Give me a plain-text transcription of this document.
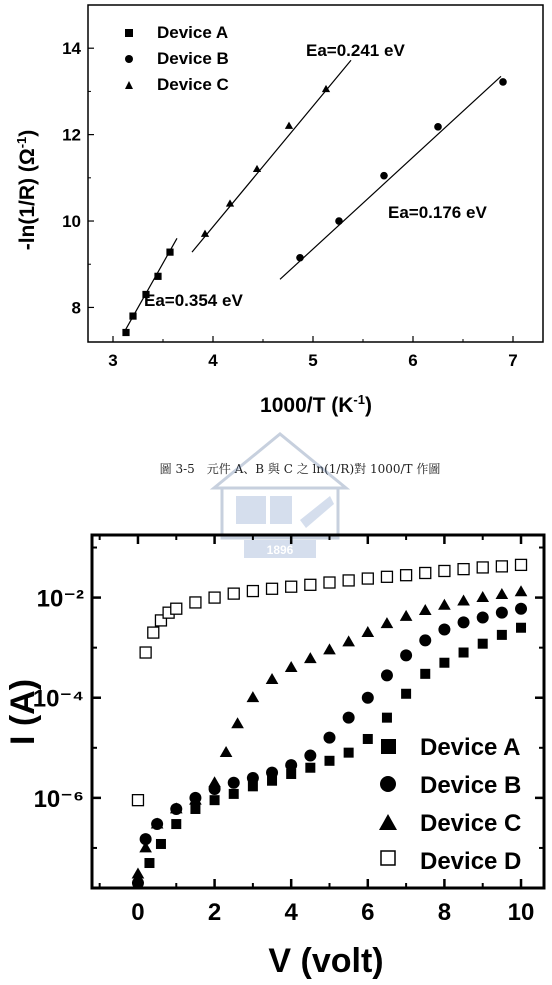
3	4	5	6	7
8
10
12
14	Ea=0.241 eV
Ea=0.176 eV
Ea=0.354 eV
Device A
Device B
Device C
1000/T $(K^{-1})$
-ln(1/R) $(\Omega^{-1})$
圖 3-5　元件 A、B 與 C 之 ln(1/R)對 1000/T 作圖
1896
0	2	4	6	8 10
10⁻⁶
10⁻⁴
10⁻²
Device A
Device B
Device C
Device D
V (volt)
I (A)
